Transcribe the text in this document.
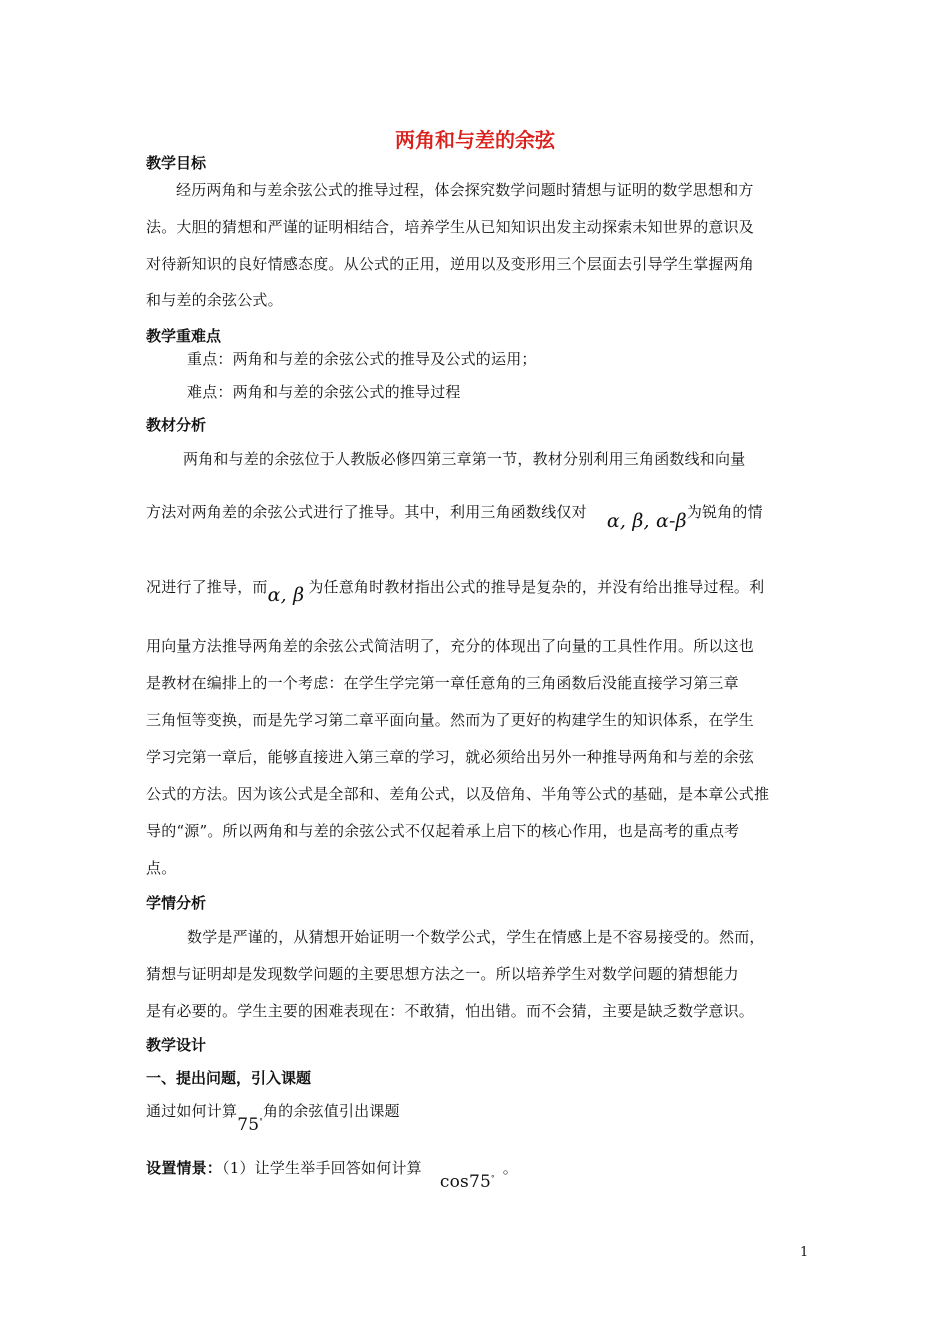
两角和与差的余弦
教学目标
经历两角和与差余弦公式的推导过程，体会探究数学问题时猜想与证明的数学思想和方
法。大胆的猜想和严谨的证明相结合，培养学生从已知知识出发主动探索未知世界的意识及
对待新知识的良好情感态度。从公式的正用，逆用以及变形用三个层面去引导学生掌握两角
和与差的余弦公式。
教学重难点
重点：两角和与差的余弦公式的推导及公式的运用；
难点：两角和与差的余弦公式的推导过程
教材分析
两角和与差的余弦位于人教版必修四第三章第一节，教材分别利用三角函数线和向量
方法对两角差的余弦公式进行了推导。其中，利用三角函数线仅对 α, β, α-β为锐角的情
况进行了推导，而α, β 为任意角时教材指出公式的推导是复杂的，并没有给出推导过程。利
用向量方法推导两角差的余弦公式简洁明了，充分的体现出了向量的工具性作用。所以这也
是教材在编排上的一个考虑：在学生学完第一章任意角的三角函数后没能直接学习第三章
三角恒等变换，而是先学习第二章平面向量。然而为了更好的构建学生的知识体系，在学生
学习完第一章后，能够直接进入第三章的学习，就必须给出另外一种推导两角和与差的余弦
公式的方法。因为该公式是全部和、差角公式，以及倍角、半角等公式的基础，是本章公式推
导的“源”。所以两角和与差的余弦公式不仅起着承上启下的核心作用，也是高考的重点考
点。
学情分析
数学是严谨的，从猜想开始证明一个数学公式，学生在情感上是不容易接受的。然而，
猜想与证明却是发现数学问题的主要思想方法之一。所以培养学生对数学问题的猜想能力
是有必要的。学生主要的困难表现在：不敢猜，怕出错。而不会猜，主要是缺乏数学意识。
教学设计
一、提出问题，引入课题
通过如何计算75°角的余弦值引出课题
设置情景：（1）让学生举手回答如何计算cos75°。
1
